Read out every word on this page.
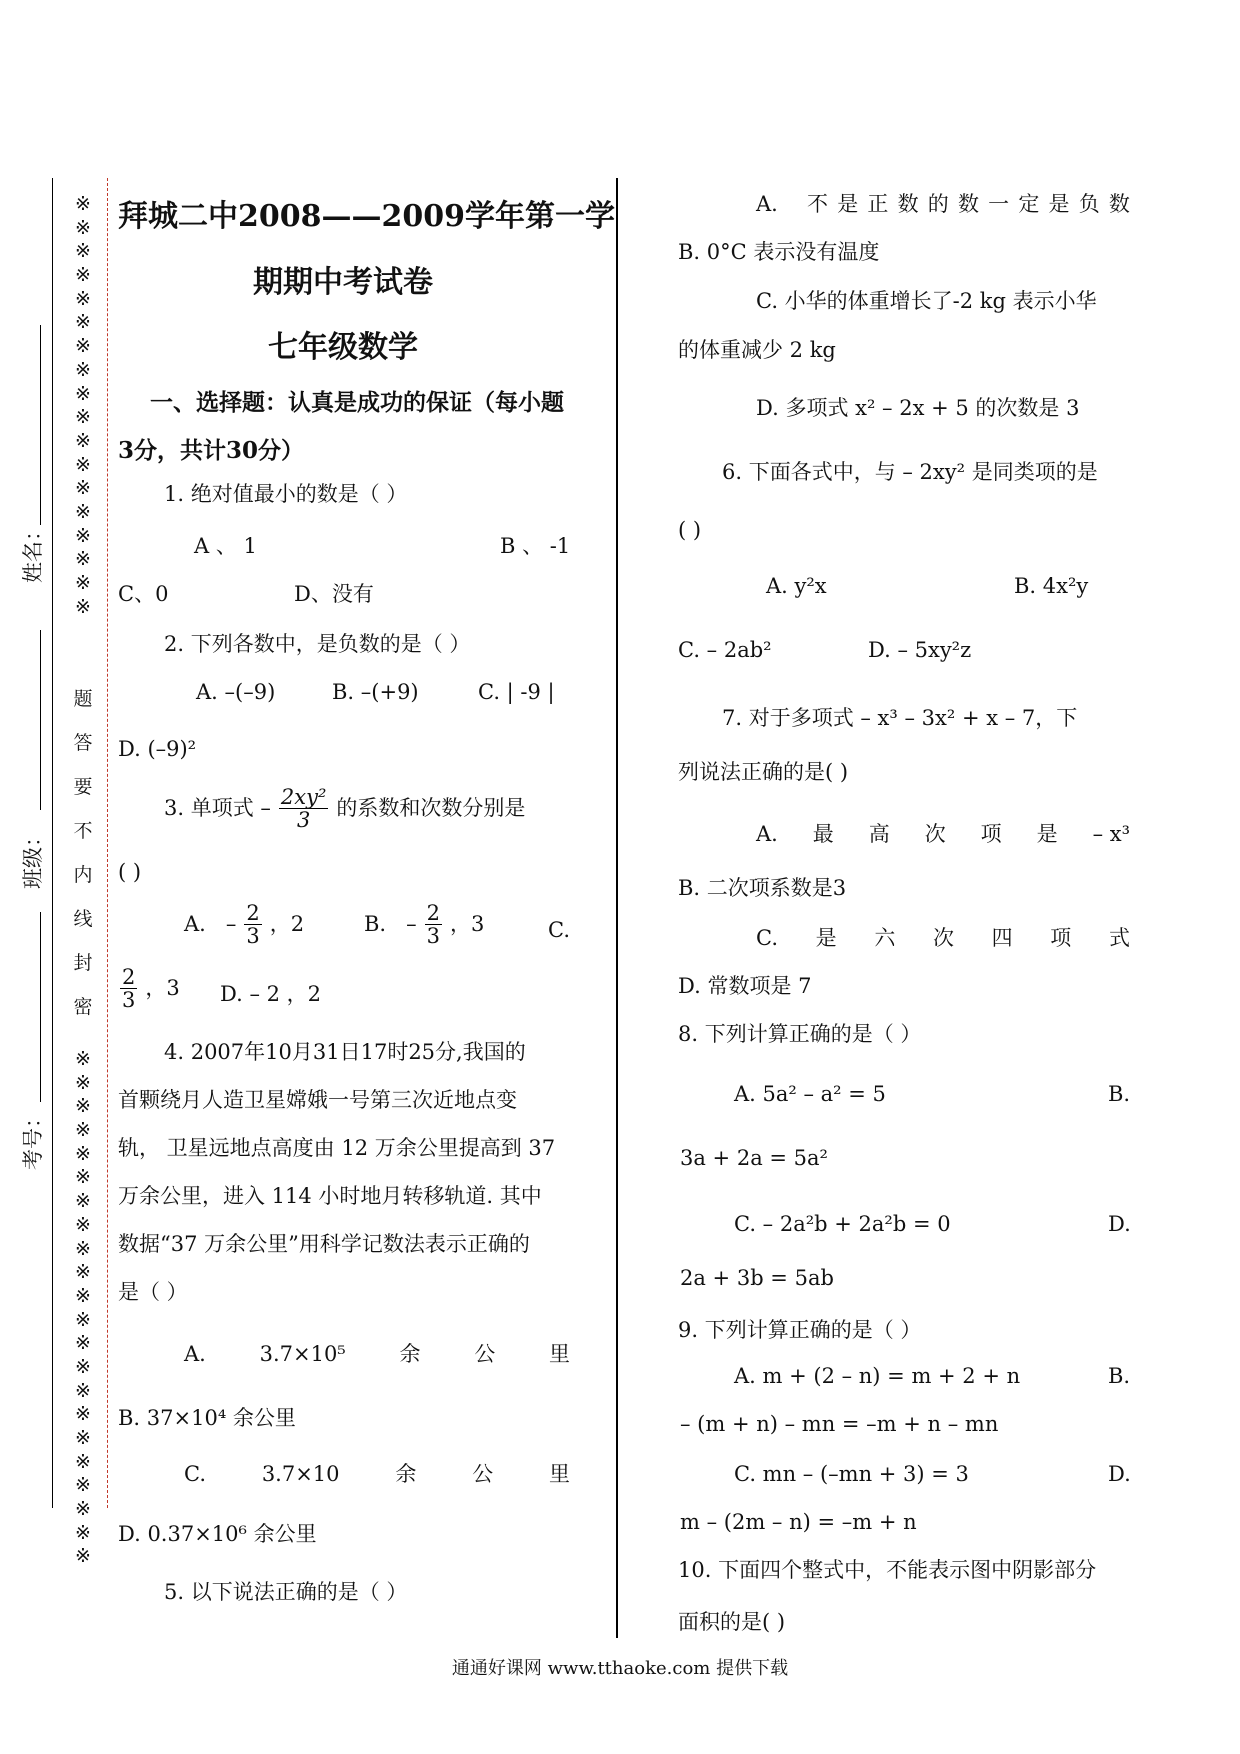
※
※
※
※
※
※
※
※
※
※
※
※
※
※
※
※
※
※
题
答
要
不
内
线
封
密
※
※
※
※
※
※
※
※
※
※
※
※
※
※
※
※
※
※
※
※
※
※
姓名：
班级：
考号：
拜城二中2008——2009学年第一学
期期中考试卷
七年级数学
一、选择题：认真是成功的保证（每小题
3分，共计30分）
1. 绝对值最小的数是（ ）
A 、 1	B 、 -1
C、0	D、没有
2. 下列各数中，是负数的是（ ）
A. –(–9)	B. –(+9)	C. | -9 |
D. (–9)²
3. 单项式 – $\frac{\text{2xy²}}{3}$ 的系数和次数分别是
( )
A. – $\frac{2}{3}$ ，2	B. – $\frac{2}{3}$ ，3	C.
$\frac{2}{3}$ ，3 D. – 2 ，2
4. 2007年10月31日17时25分,我国的
首颗绕月人造卫星嫦娥一号第三次近地点变
轨， 卫星远地点高度由 12 万余公里提高到 37
万余公里，进入 114 小时地月转移轨道. 其中
数据“37 万余公里”用科学记数法表示正确的
是（ ）
A.	3.7×10⁵	余	公	里
B. 37×10⁴ 余公里
C.	3.7×10	余	公	里
D. 0.37×10⁶ 余公里
5. 以下说法正确的是（ ）
A. 不 是 正 数 的 数 一 定 是 负 数
B. 0°C 表示没有温度
C. 小华的体重增长了-2 kg 表示小华
的体重减少 2 kg
D. 多项式 x² – 2x + 5 的次数是 3
6. 下面各式中，与 – 2xy² 是同类项的是
( )
A. y²x	B. 4x²y
C. – 2ab²	D. – 5xy²z
7. 对于多项式 – x³ – 3x² + x – 7，下
列说法正确的是( )
A. 最 高 次 项 是 – x³
B. 二次项系数是3
C. 是 六 次 四 项 式
D. 常数项是 7
8. 下列计算正确的是（ ）
A. 5a² – a² = 5	B.
3a + 2a = 5a²
C. – 2a²b + 2a²b = 0	D.
2a + 3b = 5ab
9. 下列计算正确的是（ ）
A. m + (2 – n) = m + 2 + n	B.
– (m + n) – mn = –m + n – mn
C. mn – (–mn + 3) = 3	D.
m – (2m – n) = –m + n
10. 下面四个整式中，不能表示图中阴影部分
面积的是( )
通通好课网 www.tthaoke.com 提供下载
